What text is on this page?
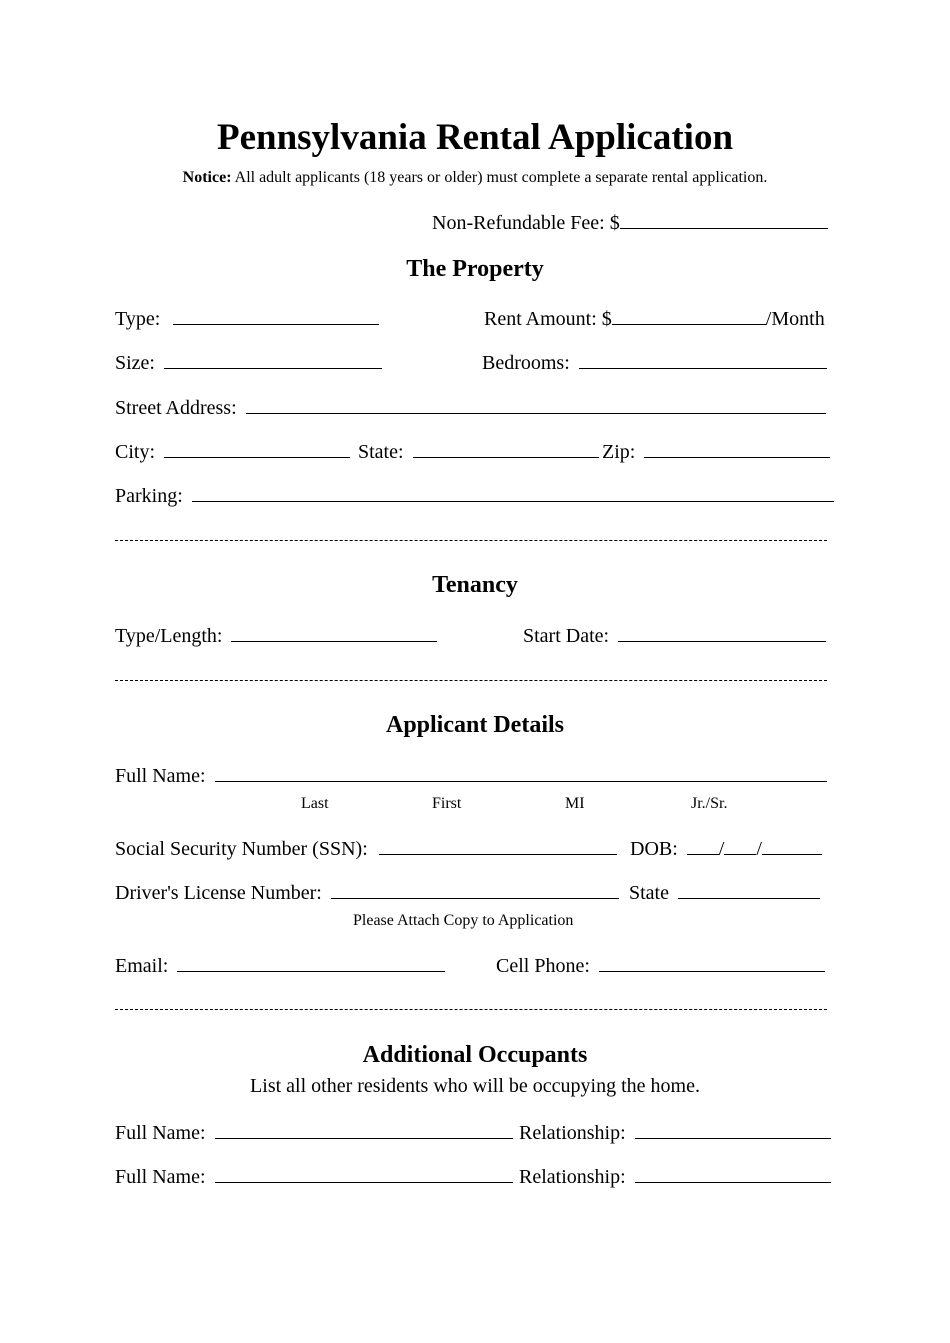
Pennsylvania Rental Application
Notice: All adult applicants (18 years or older) must complete a separate rental application.
Non-Refundable Fee: $
The Property
Type:	Rent Amount: $	/Month
Size:	Bedrooms:
Street Address:
City:	State:	Zip:
Parking:
Tenancy
Type/Length:	Start Date:
Applicant Details
Full Name:
Last	First	MI	Jr./Sr.
Social Security Number (SSN):	DOB: / /
Driver's License Number:	State
Please Attach Copy to Application
Email:	Cell Phone:
Additional Occupants
List all other residents who will be occupying the home.
Full Name:	Relationship:
Full Name:	Relationship:
